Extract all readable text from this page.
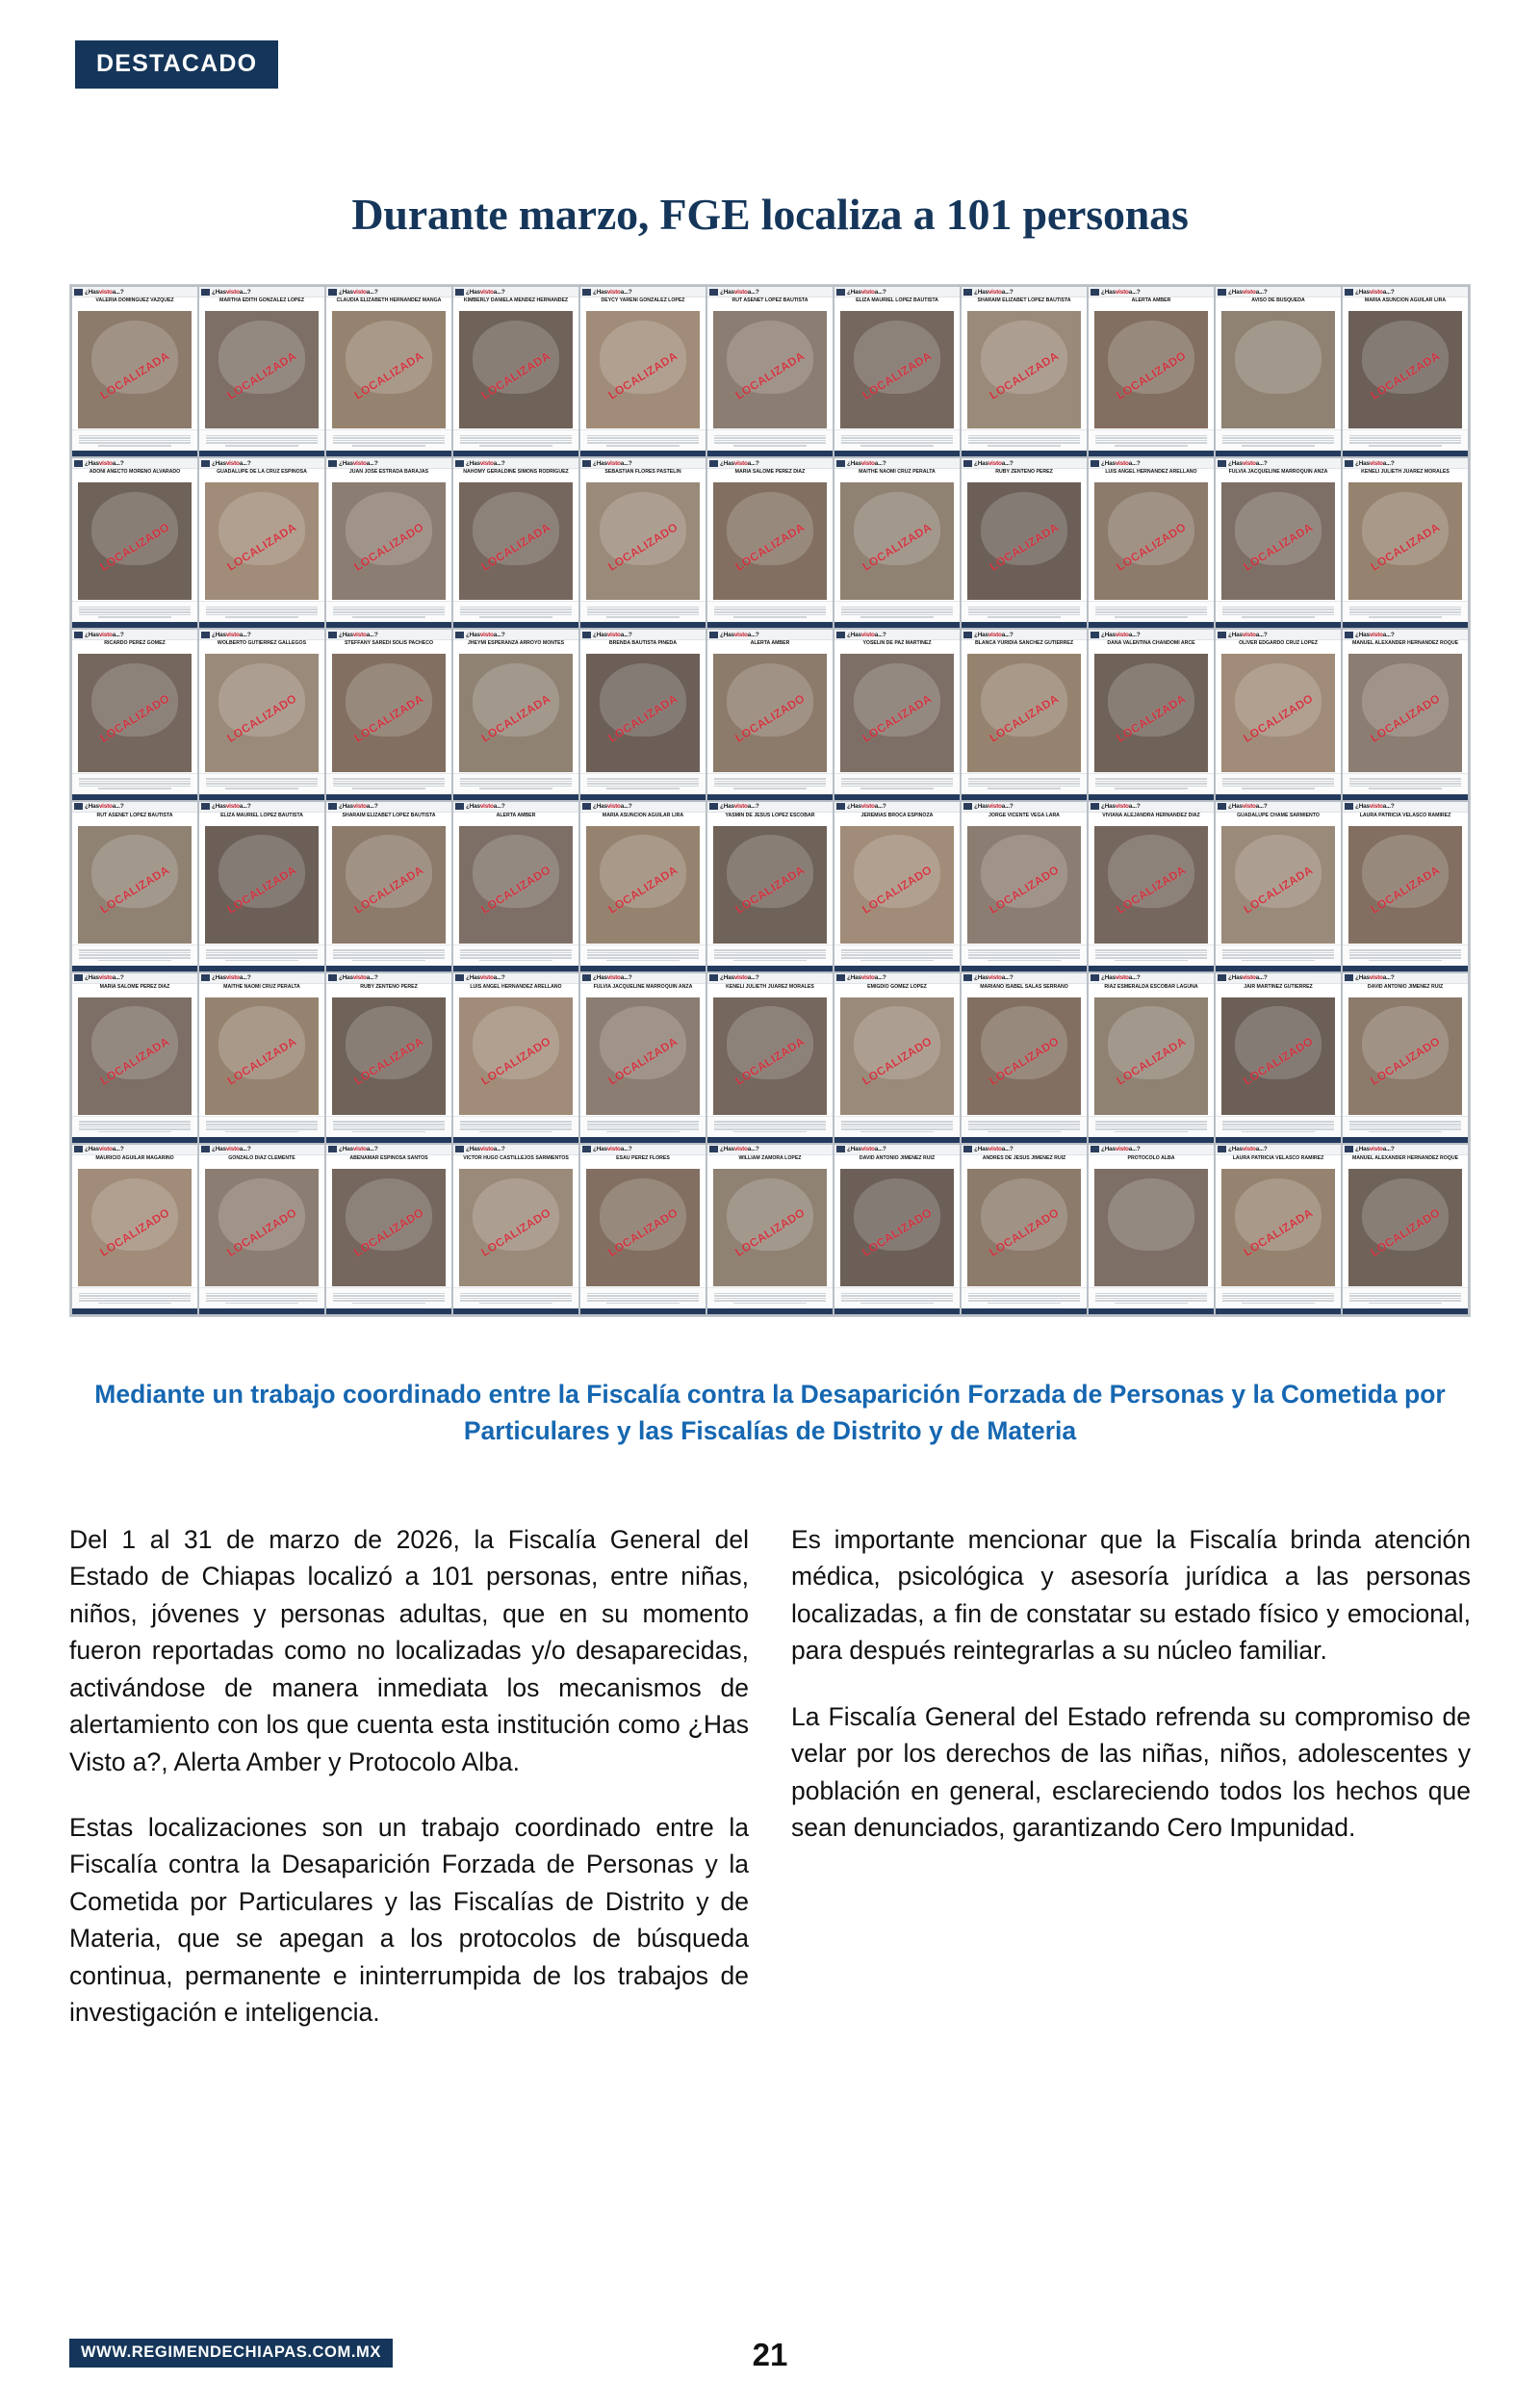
DESTACADO
Durante marzo, FGE localiza a 101 personas
¿Hasvistoa...?
VALERIA DOMINGUEZ VAZQUEZ
LOCALIZADA
¿Hasvistoa...?
MARTHA EDITH GONZALEZ LOPEZ
LOCALIZADA
¿Hasvistoa...?
CLAUDIA ELIZABETH HERNANDEZ MANGA
LOCALIZADA
¿Hasvistoa...?
KIMBERLY DANIELA MENDEZ HERNANDEZ
LOCALIZADA
¿Hasvistoa...?
DEYCY YARENI GONZALEZ LOPEZ
LOCALIZADA
¿Hasvistoa...?
RUT ASENET LOPEZ BAUTISTA
LOCALIZADA
¿Hasvistoa...?
ELIZA MAURIEL LOPEZ BAUTISTA
LOCALIZADA
¿Hasvistoa...?
SHARAIM ELIZABET LOPEZ BAUTISTA
LOCALIZADA
¿Hasvistoa...?
ALERTA AMBER
LOCALIZADO
¿Hasvistoa...?
AVISO DE BUSQUEDA
¿Hasvistoa...?
MARIA ASUNCION AGUILAR LIRA
LOCALIZADA
¿Hasvistoa...?
ADONI ANECTO MORENO ALVARADO
LOCALIZADO
¿Hasvistoa...?
GUADALUPE DE LA CRUZ ESPINOSA
LOCALIZADA
¿Hasvistoa...?
JUAN JOSE ESTRADA BARAJAS
LOCALIZADO
¿Hasvistoa...?
NAHOMY GERALDINE SIMONS RODRIGUEZ
LOCALIZADA
¿Hasvistoa...?
SEBASTIAN FLORES PASTELIN
LOCALIZADO
¿Hasvistoa...?
MARIA SALOME PEREZ DIAZ
LOCALIZADA
¿Hasvistoa...?
MAITHE NAOMI CRUZ PERALTA
LOCALIZADA
¿Hasvistoa...?
RUBY ZENTENO PEREZ
LOCALIZADA
¿Hasvistoa...?
LUIS ANGEL HERNANDEZ ARELLANO
LOCALIZADO
¿Hasvistoa...?
FULVIA JACQUELINE MARROQUIN ANZA
LOCALIZADA
¿Hasvistoa...?
KENELI JULIETH JUAREZ MORALES
LOCALIZADA
¿Hasvistoa...?
RICARDO PEREZ GOMEZ
LOCALIZADO
¿Hasvistoa...?
WOLBERTO GUTIERREZ GALLEGOS
LOCALIZADO
¿Hasvistoa...?
STEFFANY SAREDI SOLIS PACHECO
LOCALIZADA
¿Hasvistoa...?
JHEYMI ESPERANZA ARROYO MONTES
LOCALIZADA
¿Hasvistoa...?
BRENDA BAUTISTA PINEDA
LOCALIZADA
¿Hasvistoa...?
ALERTA AMBER
LOCALIZADO
¿Hasvistoa...?
YOSELIN DE PAZ MARTINEZ
LOCALIZADA
¿Hasvistoa...?
BLANCA YURIDIA SANCHEZ GUTIERREZ
LOCALIZADA
¿Hasvistoa...?
DANA VALENTINA CHANDOMI ARCE
LOCALIZADA
¿Hasvistoa...?
OLIVER EDGARDO CRUZ LOPEZ
LOCALIZADO
¿Hasvistoa...?
MANUEL ALEXANDER HERNANDEZ ROQUE
LOCALIZADO
¿Hasvistoa...?
RUT ASENET LOPEZ BAUTISTA
LOCALIZADA
¿Hasvistoa...?
ELIZA MAURIEL LOPEZ BAUTISTA
LOCALIZADA
¿Hasvistoa...?
SHARAIM ELIZABET LOPEZ BAUTISTA
LOCALIZADA
¿Hasvistoa...?
ALERTA AMBER
LOCALIZADO
¿Hasvistoa...?
MARIA ASUNCION AGUILAR LIRA
LOCALIZADA
¿Hasvistoa...?
YASMIN DE JESUS LOPEZ ESCOBAR
LOCALIZADA
¿Hasvistoa...?
JEREMIAS BROCA ESPINOZA
LOCALIZADO
¿Hasvistoa...?
JORGE VICENTE VEGA LARA
LOCALIZADO
¿Hasvistoa...?
VIVIANA ALEJANDRA HERNANDEZ DIAZ
LOCALIZADA
¿Hasvistoa...?
GUADALUPE CHAME SARMIENTO
LOCALIZADA
¿Hasvistoa...?
LAURA PATRICIA VELASCO RAMIREZ
LOCALIZADA
¿Hasvistoa...?
MARIA SALOME PEREZ DIAZ
LOCALIZADA
¿Hasvistoa...?
MAITHE NAOMI CRUZ PERALTA
LOCALIZADA
¿Hasvistoa...?
RUBY ZENTENO PEREZ
LOCALIZADA
¿Hasvistoa...?
LUIS ANGEL HERNANDEZ ARELLANO
LOCALIZADO
¿Hasvistoa...?
FULVIA JACQUELINE MARROQUIN ANZA
LOCALIZADA
¿Hasvistoa...?
KENELI JULIETH JUAREZ MORALES
LOCALIZADA
¿Hasvistoa...?
EMIGDIO GOMEZ LOPEZ
LOCALIZADO
¿Hasvistoa...?
MARIANO ISABEL SALAS SERRANO
LOCALIZADO
¿Hasvistoa...?
RIAZ ESMERALDA ESCOBAR LAGUNA
LOCALIZADA
¿Hasvistoa...?
JAIR MARTINEZ GUTIERREZ
LOCALIZADO
¿Hasvistoa...?
DAVID ANTONIO JIMENEZ RUIZ
LOCALIZADO
¿Hasvistoa...?
MAURICIO AGUILAR MAGARINO
LOCALIZADO
¿Hasvistoa...?
GONZALO DIAZ CLEMENTE
LOCALIZADO
¿Hasvistoa...?
ABENAMAR ESPINOSA SANTOS
LOCALIZADO
¿Hasvistoa...?
VICTOR HUGO CASTILLEJOS SARMIENTOS
LOCALIZADO
¿Hasvistoa...?
ESAU PEREZ FLORES
LOCALIZADO
¿Hasvistoa...?
WILLIAM ZAMORA LOPEZ
LOCALIZADO
¿Hasvistoa...?
DAVID ANTONIO JIMENEZ RUIZ
LOCALIZADO
¿Hasvistoa...?
ANDRES DE JESUS JIMENEZ RUIZ
LOCALIZADO
¿Hasvistoa...?
PROTOCOLO ALBA
¿Hasvistoa...?
LAURA PATRICIA VELASCO RAMIREZ
LOCALIZADA
¿Hasvistoa...?
MANUEL ALEXANDER HERNANDEZ ROQUE
LOCALIZADO
Mediante un trabajo coordinado entre la Fiscalía contra la Desaparición Forzada de Personas y la Cometida por Particulares y las Fiscalías de Distrito y de Materia

Del 1 al 31 de marzo de 2026, la Fiscalía General del Estado de Chiapas localizó a 101 personas, entre niñas, niños, jóvenes y personas adultas, que en su momento fueron reportadas como no localizadas y/o desaparecidas, activándose de manera inmediata los mecanismos de alertamiento con los que cuenta esta institución como ¿Has Visto a?, Alerta Amber y Protocolo Alba.

Estas localizaciones son un trabajo coordinado entre la Fiscalía contra la Desaparición Forzada de Personas y la Cometida por Particulares y las Fiscalías de Distrito y de Materia, que se apegan a los protocolos de búsqueda continua, permanente e ininterrumpida de los trabajos de investigación e inteligencia.

Es importante mencionar que la Fiscalía brinda atención médica, psicológica y asesoría jurídica a las personas localizadas, a fin de constatar su estado físico y emocional, para después reintegrarlas a su núcleo familiar.

La Fiscalía General del Estado refrenda su compromiso de velar por los derechos de las niñas, niños, adolescentes y población en general, esclareciendo todos los hechos que sean denunciados, garantizando Cero Impunidad.

WWW.REGIMENDECHIAPAS.COM.MX	21
